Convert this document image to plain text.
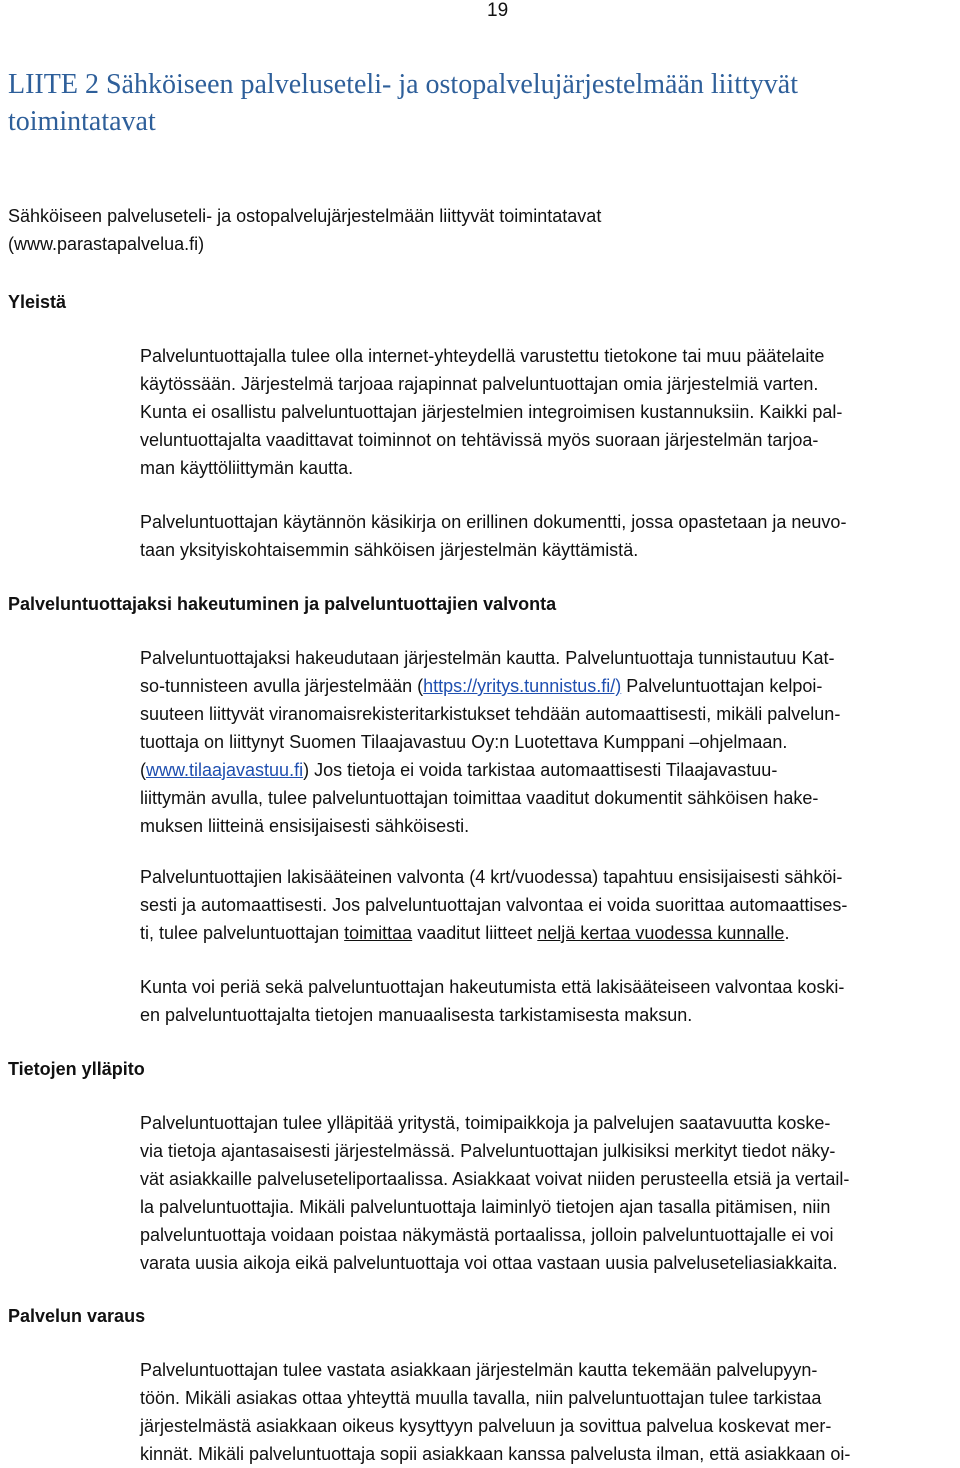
19
LIITE 2 Sähköiseen palveluseteli- ja ostopalvelujärjestelmään liittyvät toimintatavat
Sähköiseen palveluseteli- ja ostopalvelujärjestelmään liittyvät toimintatavat
(www.parastapalvelua.fi)
Yleistä
Palveluntuottajalla tulee olla internet-yhteydellä varustettu tietokone tai muu päätelaite
käytössään. Järjestelmä tarjoaa rajapinnat palveluntuottajan omia järjestelmiä varten.
Kunta ei osallistu palveluntuottajan järjestelmien integroimisen kustannuksiin. Kaikki pal-
veluntuottajalta vaadittavat toiminnot on tehtävissä myös suoraan järjestelmän tarjoa-
man käyttöliittymän kautta.
Palveluntuottajan käytännön käsikirja on erillinen dokumentti, jossa opastetaan ja neuvo-
taan yksityiskohtaisemmin sähköisen järjestelmän käyttämistä.
Palveluntuottajaksi hakeutuminen ja palveluntuottajien valvonta
Palveluntuottajaksi hakeudutaan järjestelmän kautta. Palveluntuottaja tunnistautuu Kat-
so-tunnisteen avulla järjestelmään (https://yritys.tunnistus.fi/) Palveluntuottajan kelpoi-
suuteen liittyvät viranomaisrekisteritarkistukset tehdään automaattisesti, mikäli palvelun-
tuottaja on liittynyt Suomen Tilaajavastuu Oy:n Luotettava Kumppani –ohjelmaan.
(www.tilaajavastuu.fi) Jos tietoja ei voida tarkistaa automaattisesti Tilaajavastuu-
liittymän avulla, tulee palveluntuottajan toimittaa vaaditut dokumentit sähköisen hake-
muksen liitteinä ensisijaisesti sähköisesti.
Palveluntuottajien lakisääteinen valvonta (4 krt/vuodessa) tapahtuu ensisijaisesti sähköi-
sesti ja automaattisesti. Jos palveluntuottajan valvontaa ei voida suorittaa automaattises-
ti, tulee palveluntuottajan toimittaa vaaditut liitteet neljä kertaa vuodessa kunnalle.
Kunta voi periä sekä palveluntuottajan hakeutumista että lakisääteiseen valvontaa koski-
en palveluntuottajalta tietojen manuaalisesta tarkistamisesta maksun.
Tietojen ylläpito
Palveluntuottajan tulee ylläpitää yritystä, toimipaikkoja ja palvelujen saatavuutta koske-
via tietoja ajantasaisesti järjestelmässä. Palveluntuottajan julkisiksi merkityt tiedot näky-
vät asiakkaille palveluseteliportaalissa. Asiakkaat voivat niiden perusteella etsiä ja vertail-
la palveluntuottajia. Mikäli palveluntuottaja laiminlyö tietojen ajan tasalla pitämisen, niin
palveluntuottaja voidaan poistaa näkymästä portaalissa, jolloin palveluntuottajalle ei voi
varata uusia aikoja eikä palveluntuottaja voi ottaa vastaan uusia palveluseteliasiakkaita.
Palvelun varaus
Palveluntuottajan tulee vastata asiakkaan järjestelmän kautta tekemään palvelupyyn-
töön. Mikäli asiakas ottaa yhteyttä muulla tavalla, niin palveluntuottajan tulee tarkistaa
järjestelmästä asiakkaan oikeus kysyttyyn palveluun ja sovittua palvelua koskevat mer-
kinnät. Mikäli palveluntuottaja sopii asiakkaan kanssa palvelusta ilman, että asiakkaan oi-
